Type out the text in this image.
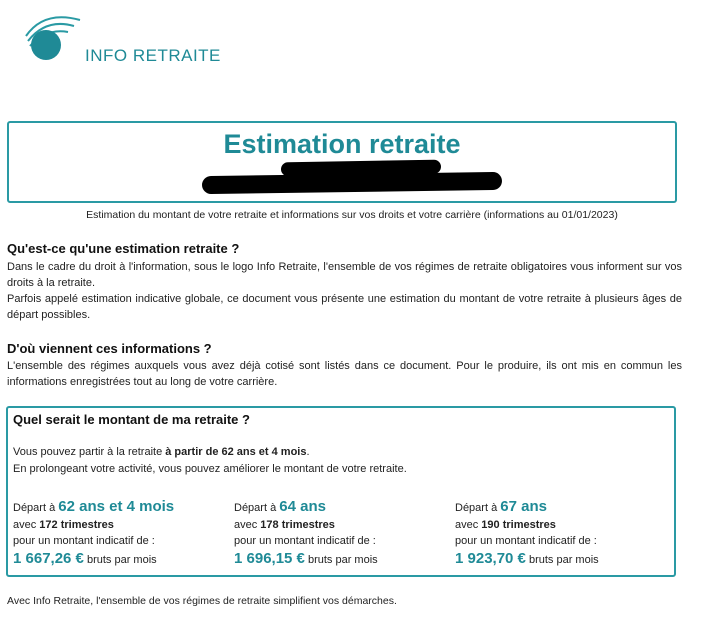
INFO RETRAITE
Estimation retraite
Estimation du montant de votre retraite et informations sur vos droits et votre carrière (informations au 01/01/2023)
Qu'est-ce qu'une estimation retraite ?
Dans le cadre du droit à l'information, sous le logo Info Retraite, l'ensemble de vos régimes de retraite obligatoires vous informent sur vos droits à la retraite.
Parfois appelé estimation indicative globale, ce document vous présente une estimation du montant de votre retraite à plusieurs âges de départ possibles.
D'où viennent ces informations ?
L'ensemble des régimes auxquels vous avez déjà cotisé sont listés dans ce document. Pour le produire, ils ont mis en commun les informations enregistrées tout au long de votre carrière.
Quel serait le montant de ma retraite ?
Vous pouvez partir à la retraite à partir de 62 ans et 4 mois.
En prolongeant votre activité, vous pouvez améliorer le montant de votre retraite.
Départ à 62 ans et 4 mois
avec 172 trimestres
pour un montant indicatif de :
1 667,26 € bruts par mois
Départ à 64 ans
avec 178 trimestres
pour un montant indicatif de :
1 696,15 € bruts par mois
Départ à 67 ans
avec 190 trimestres
pour un montant indicatif de :
1 923,70 € bruts par mois
Avec Info Retraite, l'ensemble de vos régimes de retraite simplifient vos démarches.
